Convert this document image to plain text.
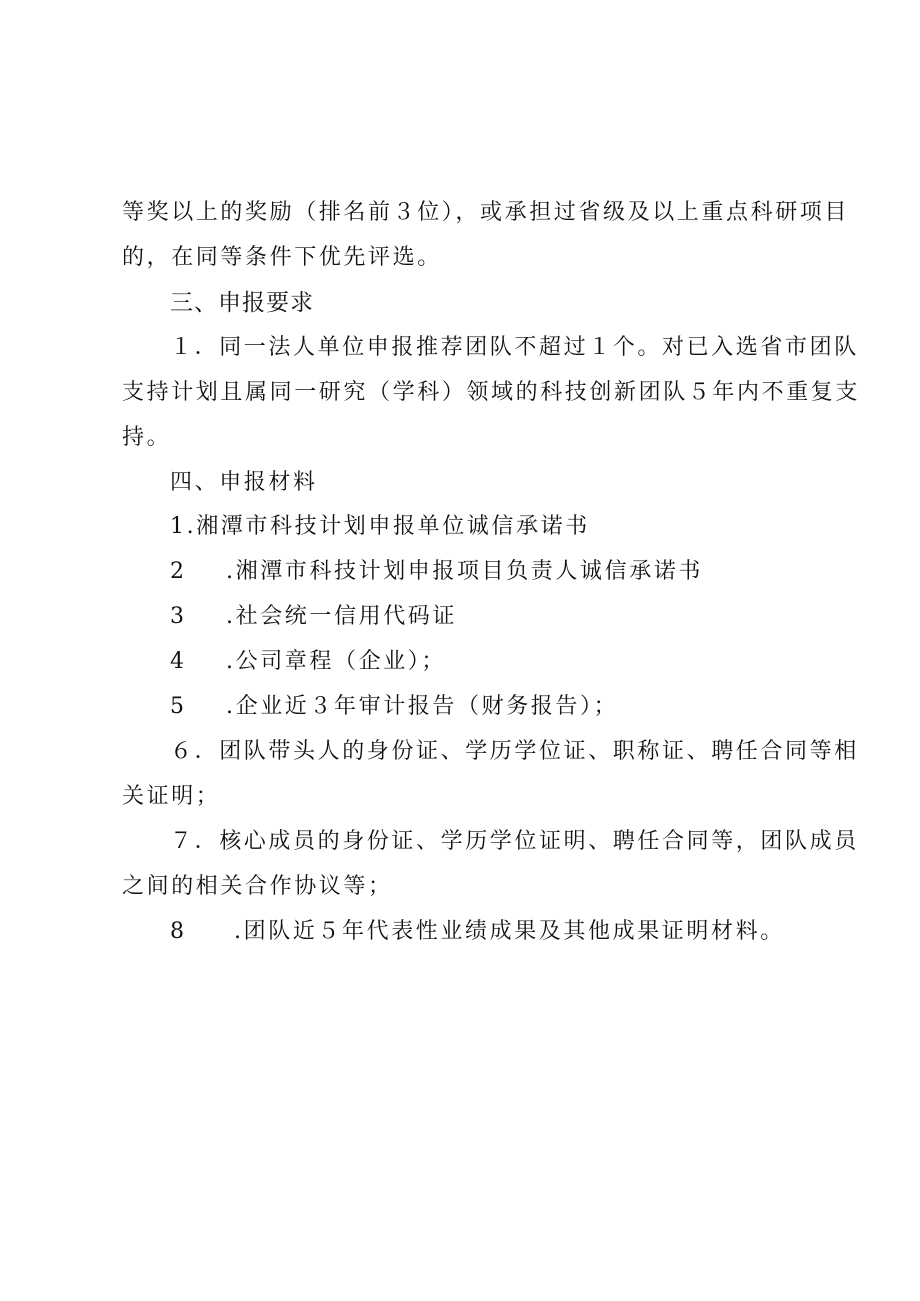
等奖以上的奖励（排名前３位），或承担过省级及以上重点科研项目
的，在同等条件下优先评选。
三、申报要求
１．同一法人单位申报推荐团队不超过１个。对已入选省市团队
支持计划且属同一研究（学科）领域的科技创新团队５年内不重复支
持。
四、申报材料
1.湘潭市科技计划申报单位诚信承诺书
2 .湘潭市科技计划申报项目负责人诚信承诺书
3 .社会统一信用代码证
4 .公司章程（企业）；
5 .企业近３年审计报告（财务报告）；
６．团队带头人的身份证、学历学位证、职称证、聘任合同等相
关证明；
７．核心成员的身份证、学历学位证明、聘任合同等，团队成员
之间的相关合作协议等；
8 .团队近５年代表性业绩成果及其他成果证明材料。
